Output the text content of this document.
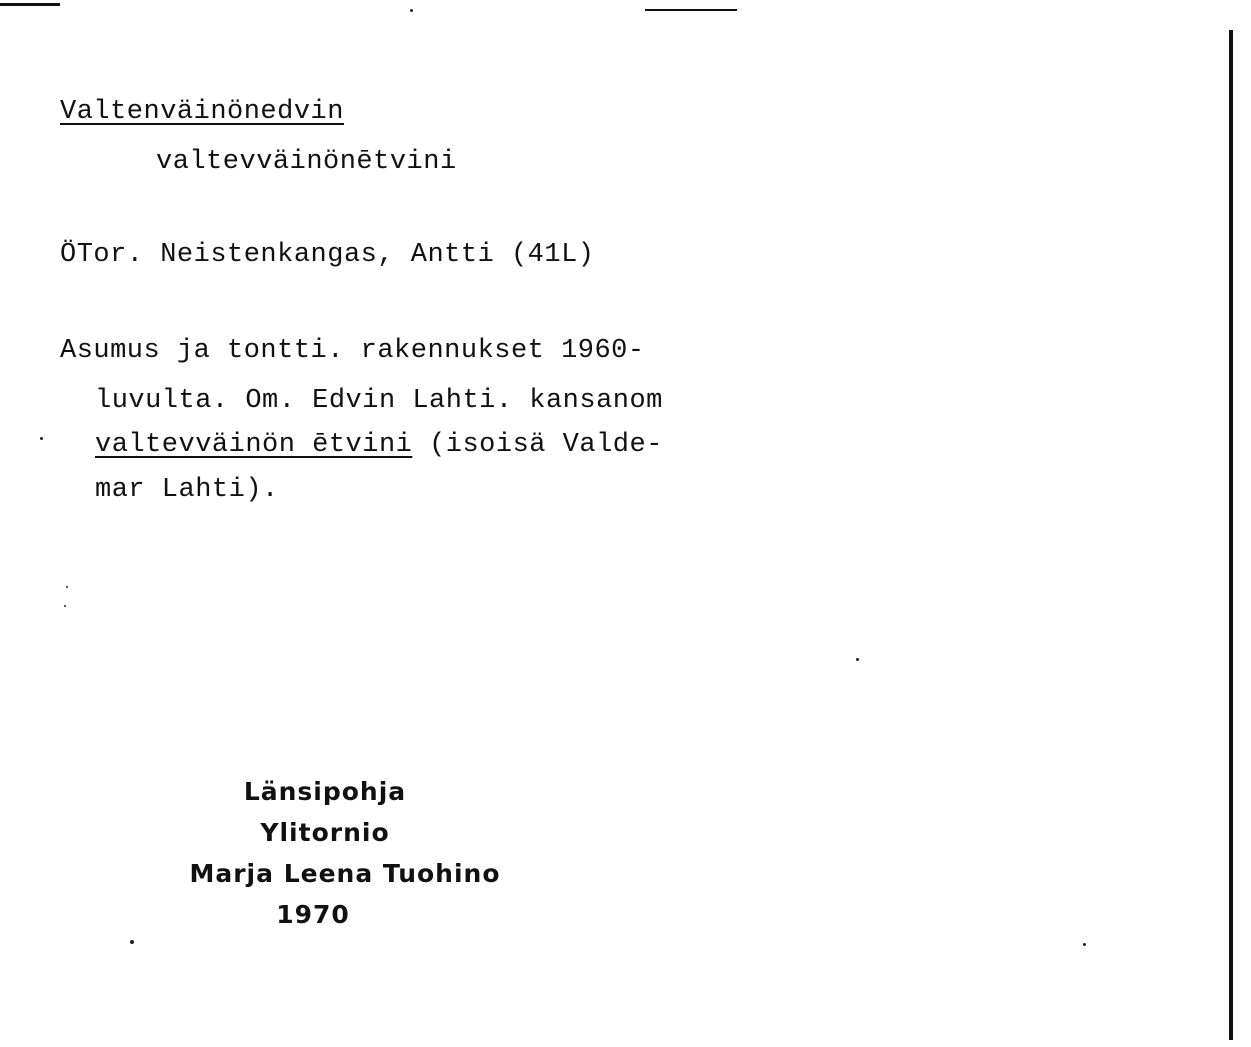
Valtenväinönedvin
valtevväinönētvini
ÖTor. Neistenkangas, Antti (41L)
Asumus ja tontti. rakennukset 1960-
luvulta. Om. Edvin Lahti. kansanom
valtevväinön ētvini (isoisä Valde-
mar Lahti).
Länsipohja
Ylitornio
Marja Leena Tuohino
1970
